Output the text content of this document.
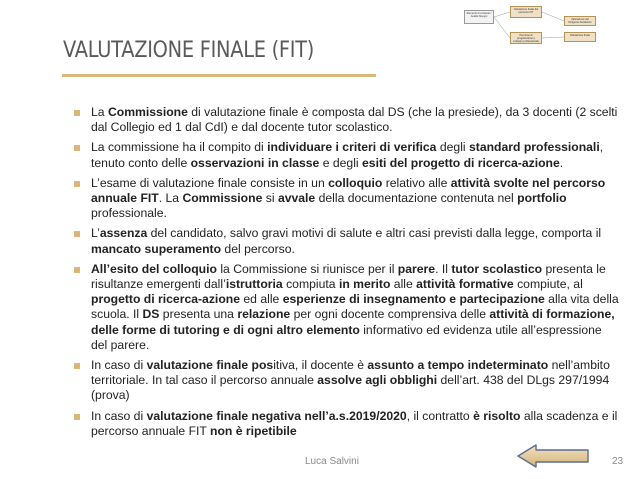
Elementi di contesto / Analisi bisogni
Valutazione finale del percorso FIT
Percorso di progettazione e sviluppo professionale
Valutazione del Dirigente Scolastico
Valutazione finale
VALUTAZIONE FINALE (FIT)
La Commissione di valutazione finale è composta dal DS (che la presiede), da 3 docenti (2 scelti dal Collegio ed 1 dal CdI) e dal docente tutor scolastico.
La commissione ha il compito di individuare i criteri di verifica degli standard professionali, tenuto conto delle osservazioni in classe e degli esiti del progetto di ricerca-azione.
L’esame di valutazione finale consiste in un colloquio relativo alle attività svolte nel percorso annuale FIT. La Commissione si avvale della documentazione contenuta nel portfolio professionale.
L’assenza del candidato, salvo gravi motivi di salute e altri casi previsti dalla legge, comporta il mancato superamento del percorso.
All’esito del colloquio la Commissione si riunisce per il parere. Il tutor scolastico presenta le risultanze emergenti dall’istruttoria compiuta in merito alle attività formative compiute, al progetto di ricerca-azione ed alle esperienze di insegnamento e partecipazione alla vita della scuola. Il DS presenta una relazione per ogni docente comprensiva delle attività di formazione, delle forme di tutoring e di ogni altro elemento informativo ed evidenza utile all’espressione del parere.
In caso di valutazione finale positiva, il docente è assunto a tempo indeterminato nell’ambito territoriale. In tal caso il percorso annuale assolve agli obblighi dell’art. 438 del DLgs 297/1994 (prova)
In caso di valutazione finale negativa nell’a.s.2019/2020, il contratto è risolto alla scadenza e il percorso annuale FIT non è ripetibile
Luca Salvini	23
